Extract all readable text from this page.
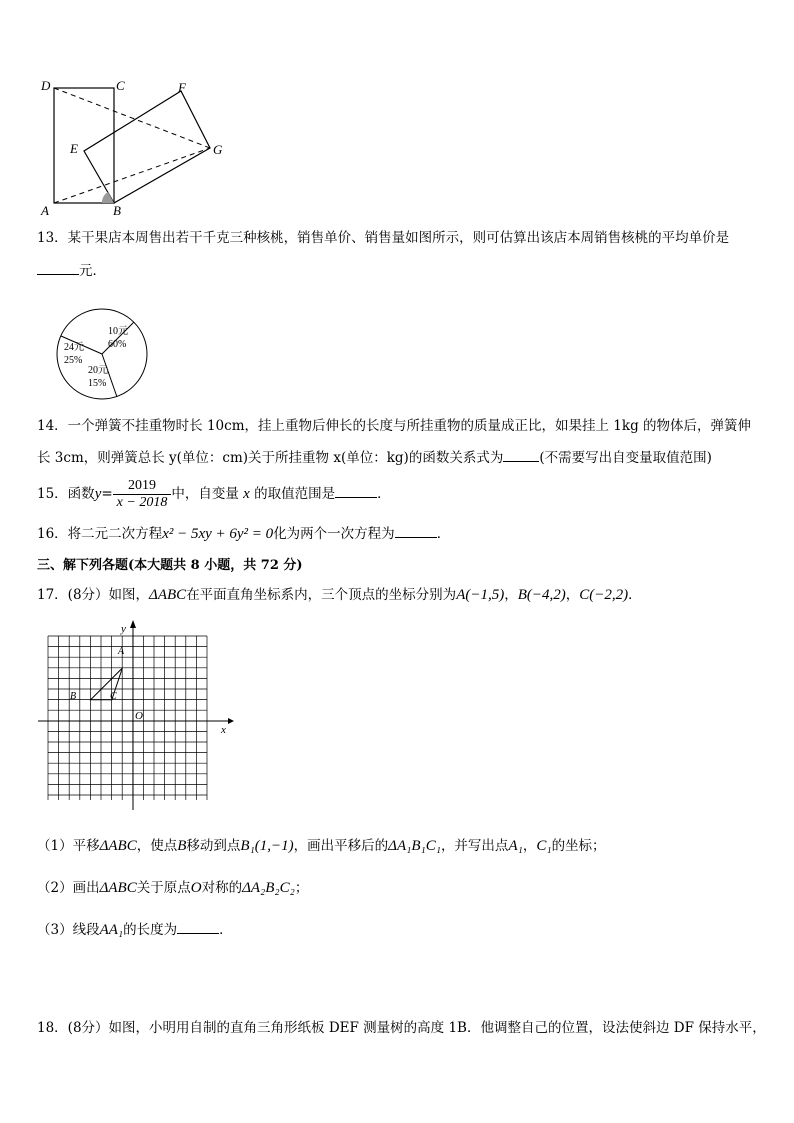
D	C	F
E	G
A	B
13．某干果店本周售出若干千克三种核桃，销售单价、销售量如图所示，则可估算出该店本周销售核桃的平均单价是
元．
10元
60%
24元
25%
20元
15%
14．一个弹簧不挂重物时长 10cm，挂上重物后伸长的长度与所挂重物的质量成正比，如果挂上 1kg 的物体后，弹簧伸
长 3cm，则弹簧总长 y(单位：cm)关于所挂重物 x(单位：kg)的函数关系式为	(不需要写出自变量取值范围)
15．函数$y= \frac{2019}{x - 2018}$ 中，自变量 x 的取值范围是	．
16．将二元二次方程x² − 5xy + 6y² = 0化为两个一次方程为	．
三、解下列各题(本大题共 8 小题，共 72 分)
17．(8分）如图，ΔABC在平面直角坐标系内，三个顶点的坐标分别为A(−1,5)，B(−4,2)，C(−2,2)．
y
x
O
A
B	C
（1）平移ΔABC，使点B移动到点B₁(1,−1)，画出平移后的ΔA₁B₁C₁，并写出点A₁，C₁的坐标；
（2）画出ΔABC关于原点O对称的ΔA₂B₂C₂；
（3）线段AA₁的长度为	．
18．(8分）如图，小明用自制的直角三角形纸板 DEF 测量树的高度 1B．他调整自己的位置，设法使斜边 DF 保持水平，
